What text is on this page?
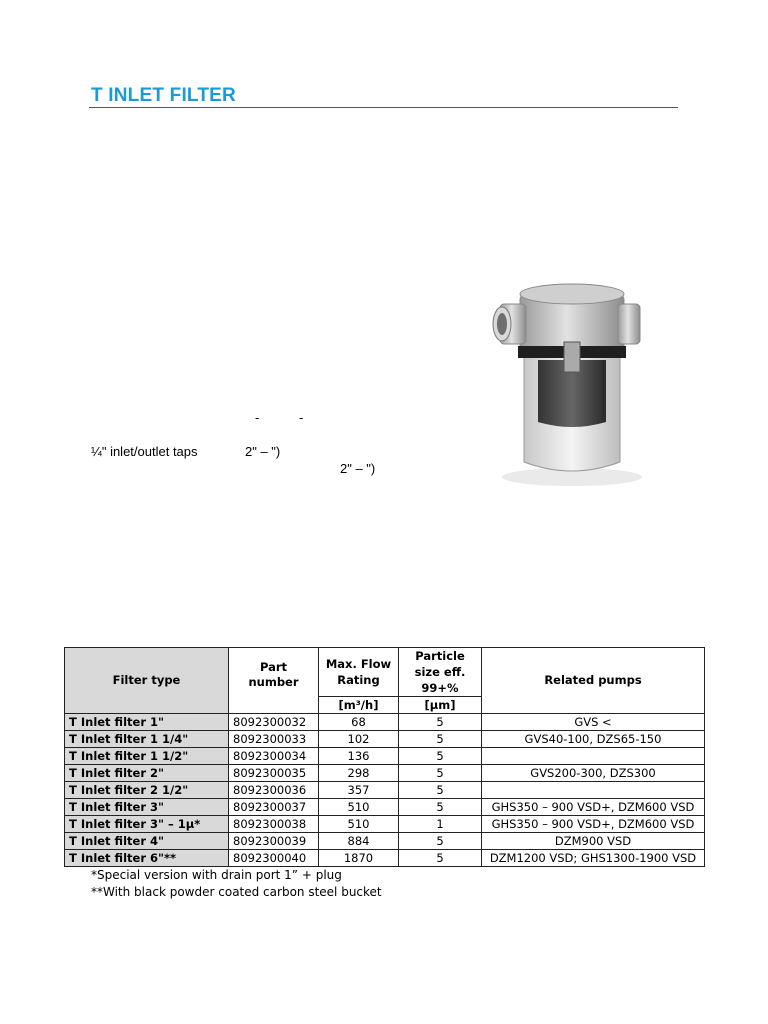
T INLET FILTER
-	-
¼" inlet/outlet taps	2" – ")
2" – ")
Filter type	Part number	Max. Flow Rating	Particle size eff. 99+%	Related pumps
		[m³/h]	[µm]	
T Inlet filter 1"	8092300032	68	5	GVS <
T Inlet filter 1 1/4"	8092300033	102	5	GVS40-100, DZS65-150
T Inlet filter 1 1/2"	8092300034	136	5	
T Inlet filter 2"	8092300035	298	5	GVS200-300, DZS300
T Inlet filter 2 1/2"	8092300036	357	5	
T Inlet filter 3"	8092300037	510	5	GHS350 – 900 VSD+, DZM600 VSD
T Inlet filter 3" – 1µ*	8092300038	510	1	GHS350 – 900 VSD+, DZM600 VSD
T Inlet filter 4"	8092300039	884	5	DZM900 VSD
T Inlet filter 6"**	8092300040	1870	5	DZM1200 VSD; GHS1300-1900 VSD
*Special version with drain port 1” + plug
**With black powder coated carbon steel bucket
